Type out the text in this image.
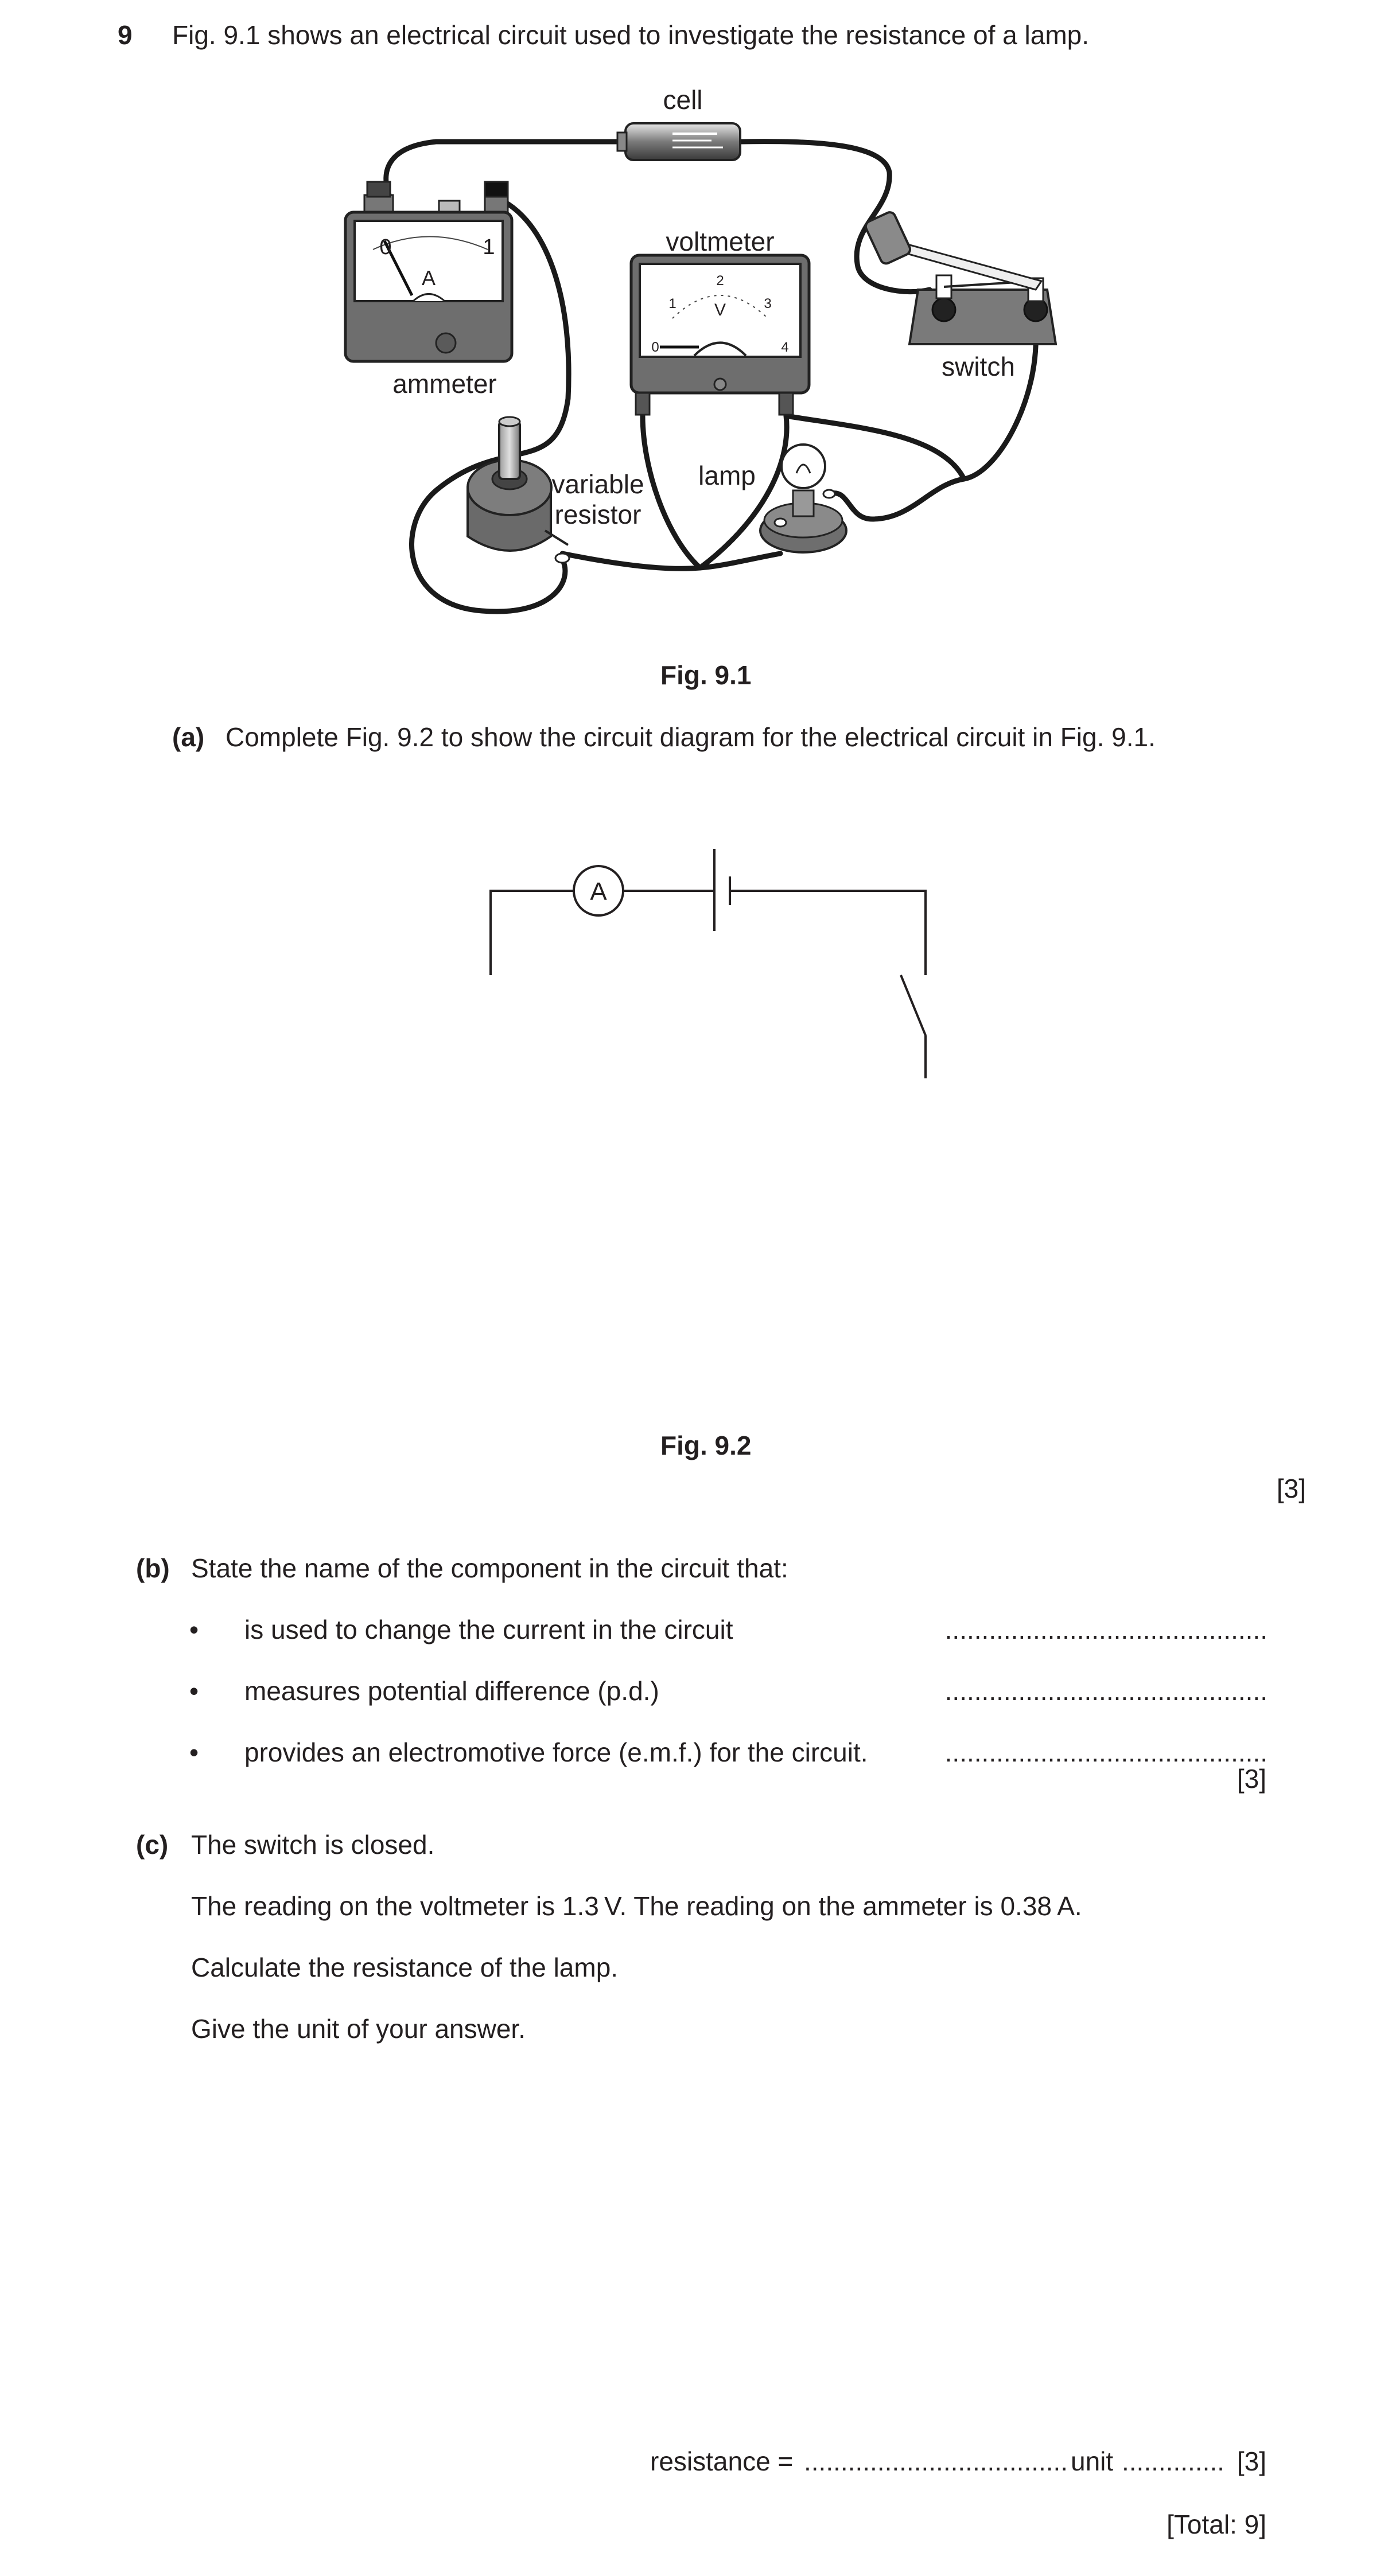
9 Fig. 9.1 shows an electrical circuit used to investigate the resistance of a lamp.
cell
0	1
A
ammeter
0
1
2
3
4
V
voltmeter
switch
variable
resistor
lamp
Fig. 9.1
(a) Complete Fig. 9.2 to show the circuit diagram for the electrical circuit in Fig. 9.1.
A
Fig. 9.2
[3]
(b) State the name of the component in the circuit that:
• is used to change the current in the circuit	............................................
• measures potential difference (p.d.)	............................................
• provides an electromotive force (e.m.f.) for the circuit.	............................................
[3]
(c) The switch is closed.
The reading on the voltmeter is 1.3 V. The reading on the ammeter is 0.38 A.
Calculate the resistance of the lamp.
Give the unit of your answer.
resistance = .................................... unit .............. [3]
[Total: 9]
